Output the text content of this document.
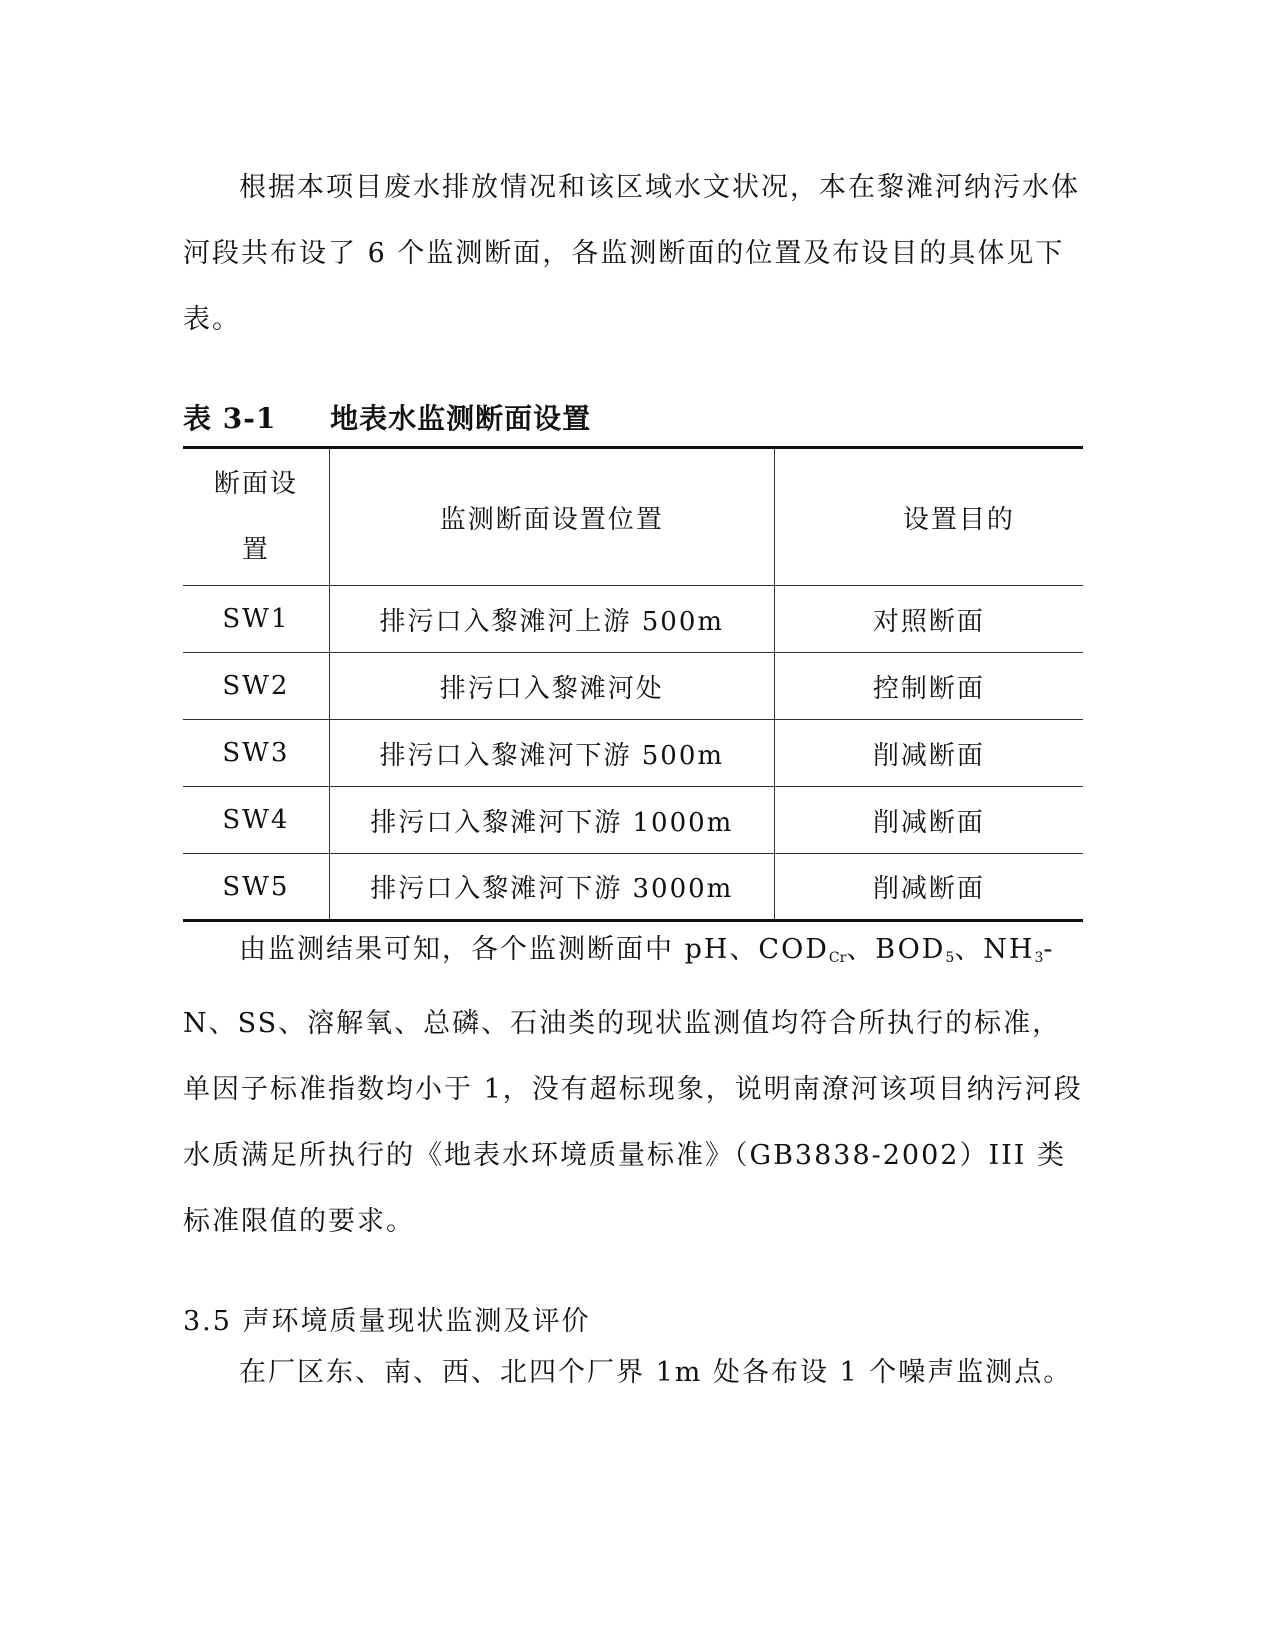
根据本项目废水排放情况和该区域水文状况，本在黎滩河纳污水体河段共布设了 6 个监测断面，各监测断面的位置及布设目的具体见下表。

表 3-1     地表水监测断面设置
断面设置	监测断面设置位置	设置目的
SW1	排污口入黎滩河上游 500m	对照断面
SW2	排污口入黎滩河处	控制断面
SW3	排污口入黎滩河下游 500m	削减断面
SW4	排污口入黎滩河下游 1000m	削减断面
SW5	排污口入黎滩河下游 3000m	削减断面

由监测结果可知，各个监测断面中 pH、$COD_{Cr}$、$BOD_5$、$NH_3-N$、SS、溶解氧、总磷、石油类的现状监测值均符合所执行的标准，单因子标准指数均小于 1，没有超标现象，说明南潦河该项目纳污河段水质满足所执行的《地表水环境质量标准》（GB3838-2002）III 类标准限值的要求。

3.5 声环境质量现状监测及评价

在厂区东、南、西、北四个厂界 1m 处各布设 1 个噪声监测点。
